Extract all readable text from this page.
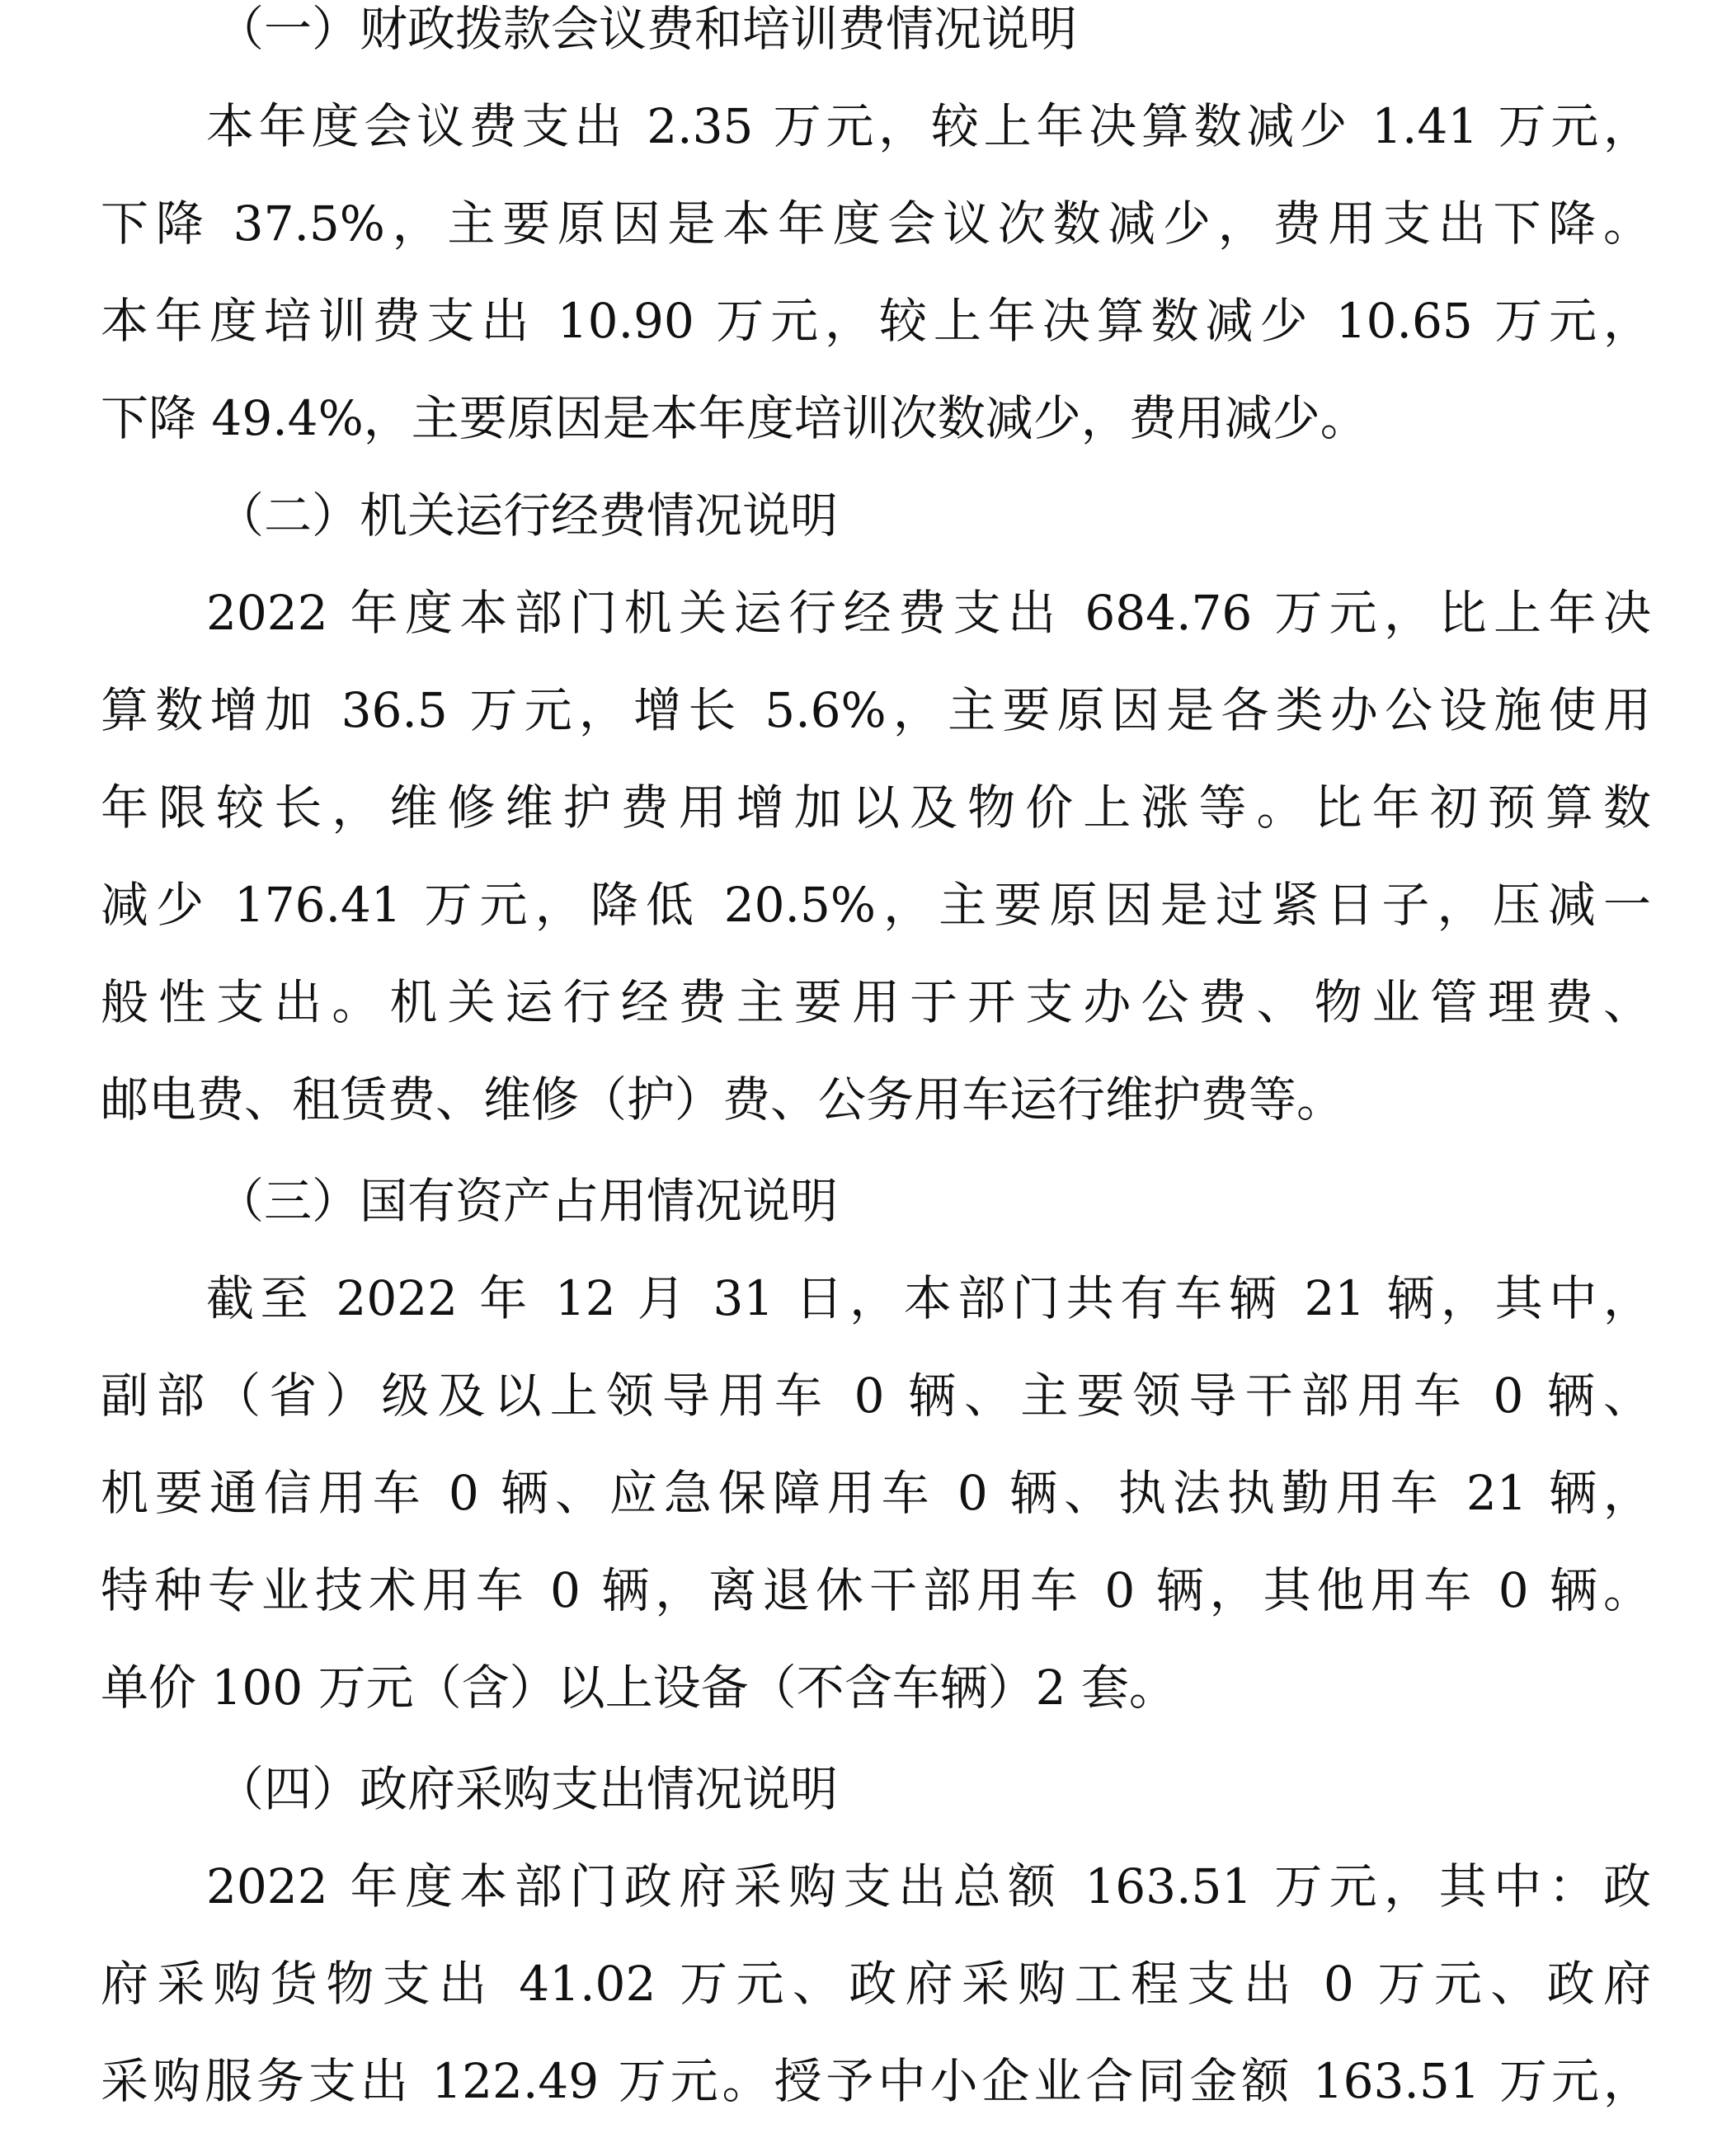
（一）财政拨款会议费和培训费情况说明
本年度会议费支出 2.35 万元，较上年决算数减少 1.41 万元，
下降 37.5%，主要原因是本年度会议次数减少，费用支出下降。
本年度培训费支出 10.90 万元，较上年决算数减少 10.65 万元，
下降 49.4%，主要原因是本年度培训次数减少，费用减少。
（二）机关运行经费情况说明
2022 年度本部门机关运行经费支出 684.76 万元，比上年决
算数增加 36.5 万元，增长 5.6%，主要原因是各类办公设施使用
年限较长，维修维护费用增加以及物价上涨等。比年初预算数
减少 176.41 万元，降低 20.5%，主要原因是过紧日子，压减一
般性支出。机关运行经费主要用于开支办公费、物业管理费、
邮电费、租赁费、维修（护）费、公务用车运行维护费等。
（三）国有资产占用情况说明
截至 2022 年 12 月 31 日，本部门共有车辆 21 辆，其中，
副部（省）级及以上领导用车 0 辆、主要领导干部用车 0 辆、
机要通信用车 0 辆、应急保障用车 0 辆、执法执勤用车 21 辆，
特种专业技术用车 0 辆，离退休干部用车 0 辆，其他用车 0 辆。
单价 100 万元（含）以上设备（不含车辆）2 套。
（四）政府采购支出情况说明
2022 年度本部门政府采购支出总额 163.51 万元，其中：政
府采购货物支出 41.02 万元、政府采购工程支出 0 万元、政府
采购服务支出 122.49 万元。授予中小企业合同金额 163.51 万元，
